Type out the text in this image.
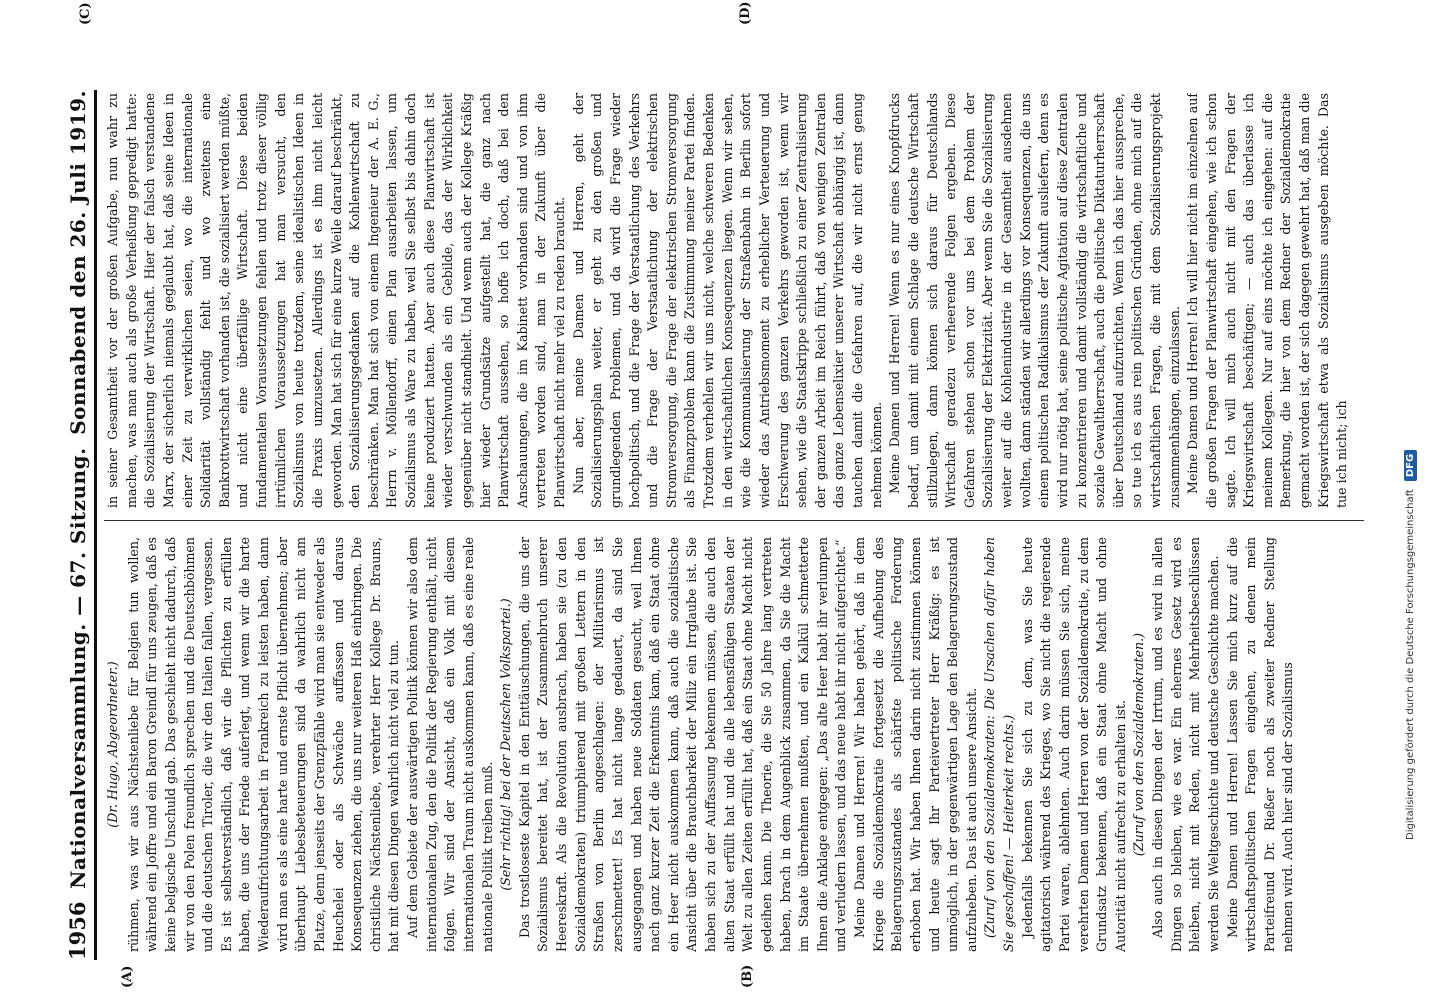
1956
Nationalversammlung. — 67. Sitzung.
Sonnabend den 26. Juli 1919.
(A)	(B)
(C)	(D)
(Dr. Hugo, Abgeordneter.) rühmen, was wir aus Nächstenliebe für Belgien tun wollen, während ein Joffre und ein Baron Greindl für uns zeugen, daß es keine belgische Unschuld gab. Das geschieht nicht dadurch, daß wir von den Polen freundlich sprechen und die Deutschböhmen und die deutschen Tiroler, die wir den Italien fallen, vergessen. Es ist selbstverständlich, daß wir die Pflichten zu erfüllen haben, die uns der Friede auferlegt, und wenn wir die harte Wiederaufrichtungsarbeit in Frankreich zu leisten haben, dann wird man es als eine harte und ernste Pflicht übernehmen; aber überhaupt Liebesbeteuerungen sind da wahrlich nicht am Platze, denn jenseits der Grenzpfähle wird man sie entweder als Heuchelei oder als Schwäche auffassen und daraus Konsequenzen ziehen, die uns nur weiteren Haß einbringen. Die christliche Nächstenliebe, verehrter Herr Kollege Dr. Brauns, hat mit diesen Dingen wahrlich nicht viel zu tun. Auf dem Gebiete der auswärtigen Politik können wir also dem internationalen Zug, den die Politik der Regierung enthält, nicht folgen. Wir sind der Ansicht, daß ein Volk mit diesem internationalen Traum nicht auskommen kann, daß es eine reale nationale Politik treiben muß. (Sehr richtig! bei der Deutschen Volkspartei.) Das trostloseste Kapitel in den Enttäuschungen, die uns der Sozialismus bereitet hat, ist der Zusammenbruch unserer Heereskraft. Als die Revolution ausbrach, haben sie (zu den Sozialdemokraten) triumphierend mit großen Lettern in den Straßen von Berlin angeschlagen: der Militarismus ist zerschmettert! Es hat nicht lange gedauert, da sind Sie ausgegangen und haben neue Soldaten gesucht, weil Ihnen nach ganz kurzer Zeit die Erkenntnis kam, daß ein Staat ohne ein Heer nicht auskommen kann, daß auch die sozialistische Ansicht über die Brauchbarkeit der Miliz ein Irrglaube ist. Sie haben sich zu der Auffassung bekennen müssen, die auch den alten Staat erfüllt hat und die alle lebensfähigen Staaten der Welt zu allen Zeiten erfüllt hat, daß ein Staat ohne Macht nicht gedeihen kann. Die Theorie, die Sie 50 Jahre lang vertreten haben, brach in dem Augenblick zusammen, da Sie die Macht im Staate übernehmen mußten, und ein Kalkül schmetterte Ihnen die Anklage entgegen: „Das alte Heer habt ihr verlumpen und verludern lassen, und das neue habt ihr nicht aufgerichtet.“ Meine Damen und Herren! Wir haben gehört, daß in dem Kriege die Sozialdemokratie fortgesetzt die Aufhebung des Belagerungszustandes als schärfste politische Forderung erhoben hat. Wir haben Ihnen darin nicht zustimmen können und heute sagt Ihr Parteivertreter Herr Kräßig: es ist unmöglich, in der gegenwärtigen Lage den Belagerungszustand aufzuheben. Das ist auch unsere Ansicht. (Zuruf von den Sozialdemokraten: Die Ursachen dafür haben Sie geschaffen! — Heiterkeit rechts.) Jedenfalls bekennen Sie sich zu dem, was Sie heute agitatorisch während des Krieges, wo Sie nicht die regierende Partei waren, ablehnten. Auch darin müssen Sie sich, meine verehrten Damen und Herren von der Sozialdemokratie, zu dem Grundsatz bekennen, daß ein Staat ohne Macht und ohne Autorität nicht aufrecht zu erhalten ist. (Zuruf von den Sozialdemokraten.) Also auch in diesen Dingen der Irrtum, und es wird in allen Dingen so bleiben, wie es war. Ein ehernes Gesetz wird es bleiben, nicht mit Reden, nicht mit Mehrheitsbeschlüssen werden Sie Weltgeschichte und deutsche Geschichte machen. Meine Damen und Herren! Lassen Sie mich kurz auf die wirtschaftspolitischen Fragen eingehen, zu denen mein Parteifreund Dr. Rießer noch als zweiter Redner Stellung nehmen wird. Auch hier sind der Sozialismus

in seiner Gesamtheit vor der großen Aufgabe, nun wahr zu machen, was man auch als große Verheißung gepredigt hatte: die Sozialisierung der Wirtschaft. Hier der falsch verstandene Marx, der sicherlich niemals geglaubt hat, daß seine Ideen in einer Zeit zu verwirklichen seien, wo die internationale Solidarität vollständig fehlt und wo zweitens eine Bankrottwirtschaft vorhanden ist, die sozialisiert werden müßte, und nicht eine überfällige Wirtschaft. Diese beiden fundamentalen Voraussetzungen fehlen und trotz dieser völlig irrtümlichen Voraussetzungen hat man versucht, den Sozialismus von heute trotzdem, seine idealistischen Ideen in die Praxis umzusetzen. Allerdings ist es ihm nicht leicht geworden. Man hat sich für eine kurze Weile darauf beschränkt, den Sozialisierungsgedanken auf die Kohlenwirtschaft zu beschränken. Man hat sich von einem Ingenieur der A. E. G., Herrn v. Möllendorff, einen Plan ausarbeiten lassen, um Sozialismus als Ware zu haben, weil Sie selbst bis dahin doch keine produziert hatten. Aber auch diese Planwirtschaft ist wieder verschwunden als ein Gebilde, das der Wirklichkeit gegenüber nicht standhielt. Und wenn auch der Kollege Kräßig hier wieder Grundsätze aufgestellt hat, die ganz nach Planwirtschaft aussehen, so hoffe ich doch, daß bei den Anschauungen, die im Kabinett vorhanden sind und von ihm vertreten worden sind, man in der Zukunft über die Planwirtschaft nicht mehr viel zu reden braucht. Nun aber, meine Damen und Herren, geht der Sozialisierungsplan weiter, er geht zu den großen und grundlegenden Problemen, und da wird die Frage wieder hochpolitisch, und die Frage der Verstaatlichung des Verkehrs und die Frage der Verstaatlichung der elektrischen Stromversorgung, die Frage der elektrischen Stromversorgung als Finanzproblem kann die Zustimmung meiner Partei finden. Trotzdem verhehlen wir uns nicht, welche schweren Bedenken in den wirtschaftlichen Konsequenzen liegen. Wenn wir sehen, wie die Kommunalisierung der Straßenbahn in Berlin sofort wieder das Antriebsmoment zu erheblicher Verteuerung und Erschwerung des ganzen Verkehrs geworden ist, wenn wir sehen, wie die Staatskrippe schließlich zu einer Zentralisierung der ganzen Arbeit im Reich führt, daß von wenigen Zentralen das ganze Lebenselixier unserer Wirtschaft abhängig ist, dann tauchen damit die Gefahren auf, die wir nicht ernst genug nehmen können. Meine Damen und Herren! Wenn es nur eines Knopfdrucks bedarf, um damit mit einem Schlage die deutsche Wirtschaft stillzulegen, dann können sich daraus für Deutschlands Wirtschaft geradezu verheerende Folgen ergeben. Diese Gefahren stehen schon vor uns bei dem Problem der Sozialisierung der Elektrizität. Aber wenn Sie die Sozialisierung weiter auf die Kohlenindustrie in der Gesamtheit ausdehnen wollten, dann ständen wir allerdings vor Konsequenzen, die uns einem politischen Radikalismus der Zukunft ausliefern, denn es wird nur nötig hat, seine politische Agitation auf diese Zentralen zu konzentrieren und damit vollständig die wirtschaftliche und soziale Gewaltherrschaft, auch die politische Diktaturherrschaft über Deutschland aufzurichten. Wenn ich das hier ausspreche, so tue ich es aus rein politischen Gründen, ohne mich auf die wirtschaftlichen Fragen, die mit dem Sozialisierungsprojekt zusammenhängen, einzulassen. Meine Damen und Herren! Ich will hier nicht im einzelnen auf die großen Fragen der Planwirtschaft eingehen, wie ich schon sagte. Ich will mich auch nicht mit den Fragen der Kriegswirtschaft beschäftigen; — auch das überlasse ich meinem Kollegen. Nur auf eins möchte ich eingehen: auf die Bemerkung, die hier von dem Redner der Sozialdemokratie gemacht worden ist, der sich dagegen gewehrt hat, daß man die Kriegswirtschaft etwa als Sozialismus ausgeben möchte. Das tue ich nicht; ich

Digitalisierung gefördert durch die Deutsche Forschungsgemeinschaft
DFG
